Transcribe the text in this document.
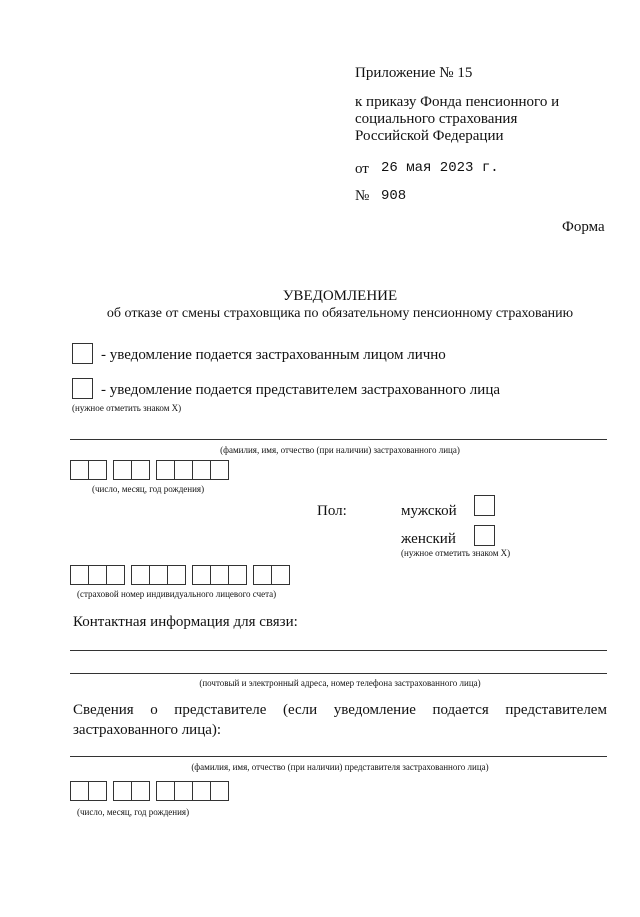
Приложение № 15
к приказу Фонда пенсионного и
социального страхования
Российской Федерации
от 26 мая 2023 г.
№ 908
Форма
УВЕДОМЛЕНИЕ
об отказе от смены страховщика по обязательному пенсионному страхованию
- уведомление подается застрахованным лицом лично
- уведомление подается представителем застрахованного лица
(нужное отметить знаком Х)
(фамилия, имя, отчество (при наличии) застрахованного лица)
(число, месяц, год рождения)
Пол:	мужской
женский
(нужное отметить знаком Х)
(страховой номер индивидуального лицевого счета)
Контактная информация для связи:
(почтовый и электронный адреса, номер телефона застрахованного лица)
Сведения о представителе (если уведомление подается представителем
застрахованного лица):
(фамилия, имя, отчество (при наличии) представителя застрахованного лица)
(число, месяц, год рождения)
